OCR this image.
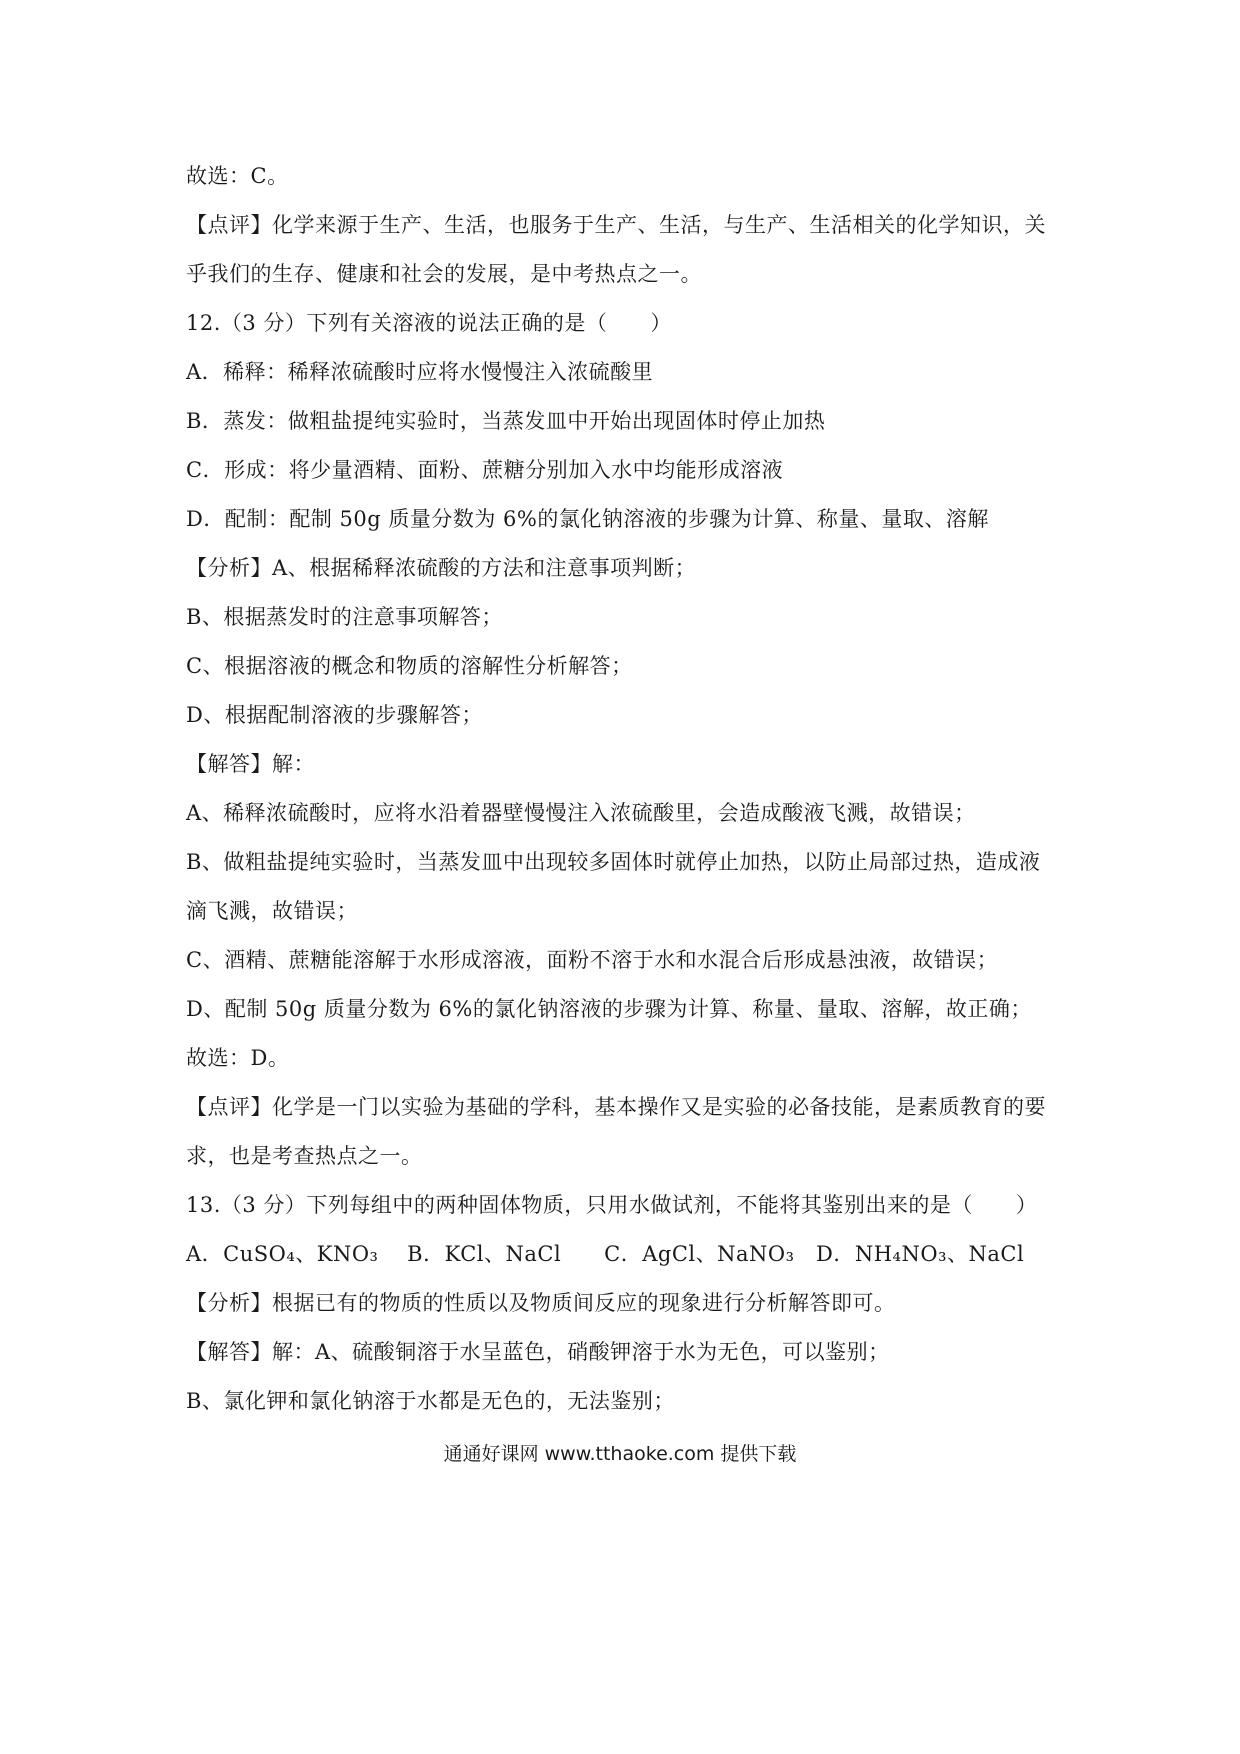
故选：C。
【点评】化学来源于生产、生活，也服务于生产、生活，与生产、生活相关的化学知识，关
乎我们的生存、健康和社会的发展，是中考热点之一。
12.（3 分）下列有关溶液的说法正确的是（　　）
A．稀释：稀释浓硫酸时应将水慢慢注入浓硫酸里
B．蒸发：做粗盐提纯实验时，当蒸发皿中开始出现固体时停止加热
C．形成：将少量酒精、面粉、蔗糖分别加入水中均能形成溶液
D．配制：配制 50g 质量分数为 6%的氯化钠溶液的步骤为计算、称量、量取、溶解
【分析】A、根据稀释浓硫酸的方法和注意事项判断；
B、根据蒸发时的注意事项解答；
C、根据溶液的概念和物质的溶解性分析解答；
D、根据配制溶液的步骤解答；
【解答】解：
A、稀释浓硫酸时，应将水沿着器壁慢慢注入浓硫酸里，会造成酸液飞溅，故错误；
B、做粗盐提纯实验时，当蒸发皿中出现较多固体时就停止加热，以防止局部过热，造成液
滴飞溅，故错误；
C、酒精、蔗糖能溶解于水形成溶液，面粉不溶于水和水混合后形成悬浊液，故错误；
D、配制 50g 质量分数为 6%的氯化钠溶液的步骤为计算、称量、量取、溶解，故正确；
故选：D。
【点评】化学是一门以实验为基础的学科，基本操作又是实验的必备技能，是素质教育的要
求，也是考查热点之一。
13.（3 分）下列每组中的两种固体物质，只用水做试剂，不能将其鉴别出来的是（　　）
A．CuSO₄、KNO₃　 B．KCl、NaCl　　C．AgCl、NaNO₃　D．NH₄NO₃、NaCl
【分析】根据已有的物质的性质以及物质间反应的现象进行分析解答即可。
【解答】解：A、硫酸铜溶于水呈蓝色，硝酸钾溶于水为无色，可以鉴别；
B、氯化钾和氯化钠溶于水都是无色的，无法鉴别；
通通好课网 www.tthaoke.com 提供下载
